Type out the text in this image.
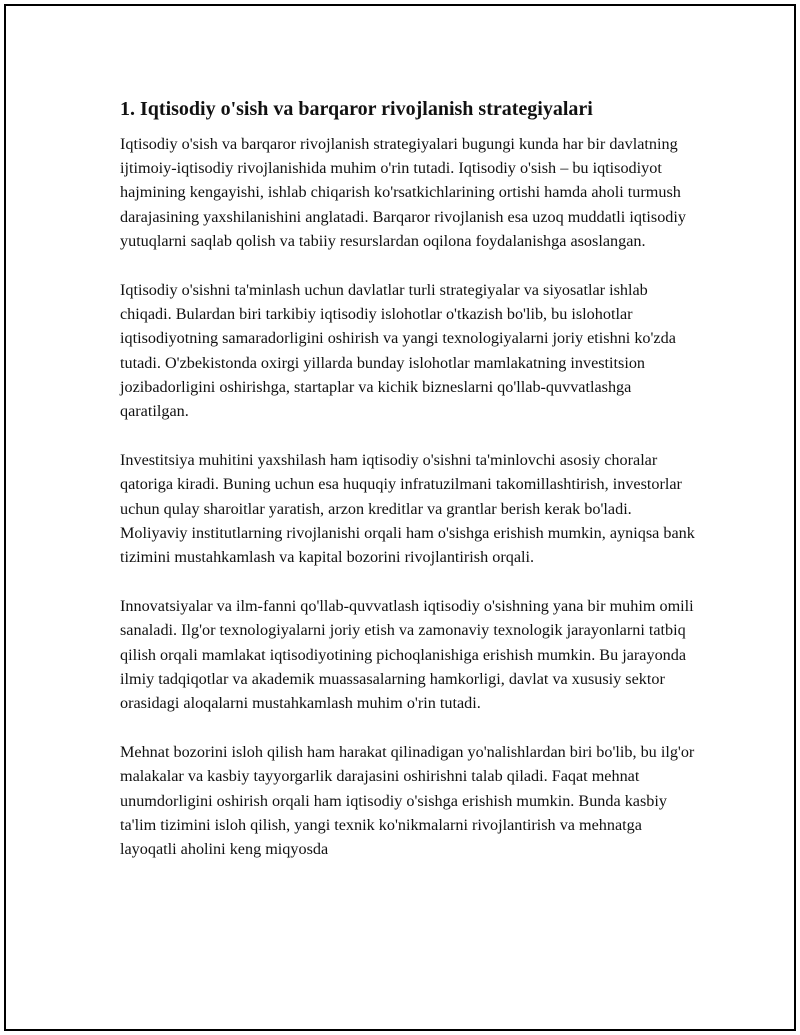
1. Iqtisodiy o'sish va barqaror rivojlanish strategiyalari

Iqtisodiy o'sish va barqaror rivojlanish strategiyalari bugungi kunda har bir davlatning ijtimoiy-iqtisodiy rivojlanishida muhim o'rin tutadi. Iqtisodiy o'sish – bu iqtisodiyot hajmining kengayishi, ishlab chiqarish ko'rsatkichlarining ortishi hamda aholi turmush darajasining yaxshilanishini anglatadi. Barqaror rivojlanish esa uzoq muddatli iqtisodiy yutuqlarni saqlab qolish va tabiiy resurslardan oqilona foydalanishga asoslangan.

Iqtisodiy o'sishni ta'minlash uchun davlatlar turli strategiyalar va siyosatlar ishlab chiqadi. Bulardan biri tarkibiy iqtisodiy islohotlar o'tkazish bo'lib, bu islohotlar iqtisodiyotning samaradorligini oshirish va yangi texnologiyalarni joriy etishni ko'zda tutadi. O'zbekistonda oxirgi yillarda bunday islohotlar mamlakatning investitsion jozibadorligini oshirishga, startaplar va kichik bizneslarni qo'llab-quvvatlashga qaratilgan.

Investitsiya muhitini yaxshilash ham iqtisodiy o'sishni ta'minlovchi asosiy choralar qatoriga kiradi. Buning uchun esa huquqiy infratuzilmani takomillashtirish, investorlar uchun qulay sharoitlar yaratish, arzon kreditlar va grantlar berish kerak bo'ladi. Moliyaviy institutlarning rivojlanishi orqali ham o'sishga erishish mumkin, ayniqsa bank tizimini mustahkamlash va kapital bozorini rivojlantirish orqali.

Innovatsiyalar va ilm-fanni qo'llab-quvvatlash iqtisodiy o'sishning yana bir muhim omili sanaladi. Ilg'or texnologiyalarni joriy etish va zamonaviy texnologik jarayonlarni tatbiq qilish orqali mamlakat iqtisodiyotining pichoqlanishiga erishish mumkin. Bu jarayonda ilmiy tadqiqotlar va akademik muassasalarning hamkorligi, davlat va xususiy sektor orasidagi aloqalarni mustahkamlash muhim o'rin tutadi.

Mehnat bozorini isloh qilish ham harakat qilinadigan yo'nalishlardan biri bo'lib, bu ilg'or malakalar va kasbiy tayyorgarlik darajasini oshirishni talab qiladi. Faqat mehnat unumdorligini oshirish orqali ham iqtisodiy o'sishga erishish mumkin. Bunda kasbiy ta'lim tizimini isloh qilish, yangi texnik ko'nikmalarni rivojlantirish va mehnatga layoqatli aholini keng miqyosda
